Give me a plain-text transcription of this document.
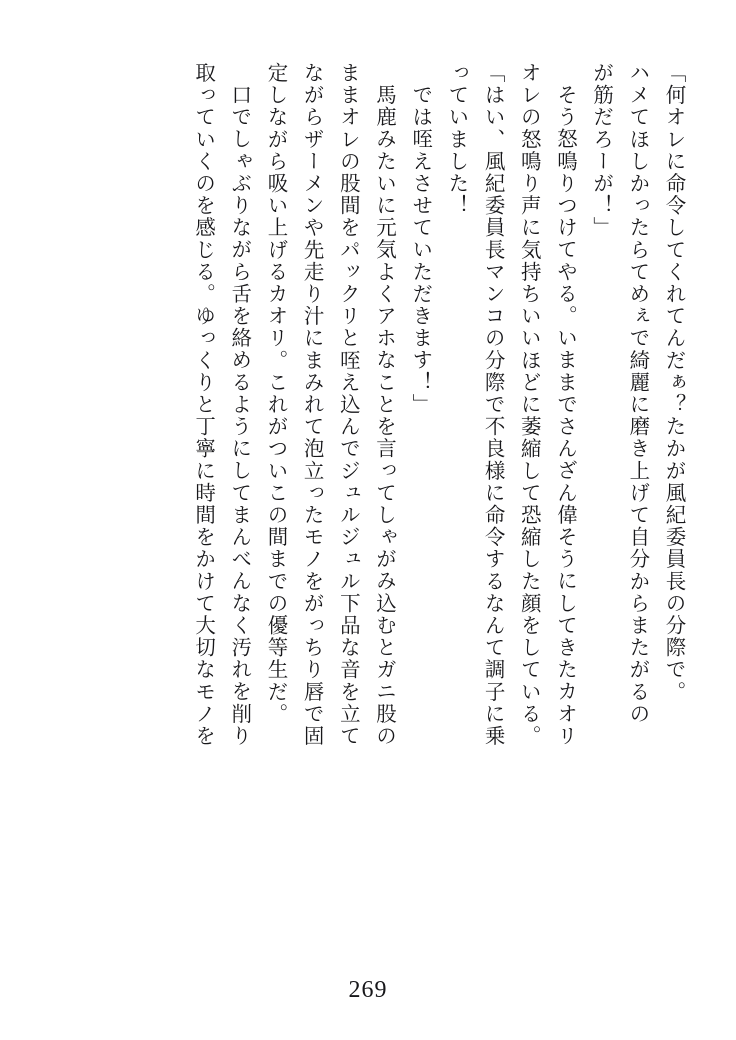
「何オレに命令してくれてんだぁ？たかが風紀委員長の分際で。
ハメてほしかったらてめぇで綺麗に磨き上げて自分からまたがるの
が筋だろーが！」
そう怒鳴りつけてやる。いままでさんざん偉そうにしてきたカオリ
オレの怒鳴り声に気持ちいいほどに萎縮して恐縮した顔をしている。
「はい、風紀委員長マンコの分際で不良様に命令するなんて調子に乗
っていました！
では咥えさせていただきます！」
馬鹿みたいに元気よくアホなことを言ってしゃがみ込むとガニ股の
ままオレの股間をパックリと咥え込んでジュルジュル下品な音を立て
ながらザーメンや先走り汁にまみれて泡立ったモノをがっちり唇で固
定しながら吸い上げるカオリ。これがついこの間までの優等生だ。
口でしゃぶりながら舌を絡めるようにしてまんべんなく汚れを削り
取っていくのを感じる。ゆっくりと丁寧に時間をかけて大切なモノを
269
